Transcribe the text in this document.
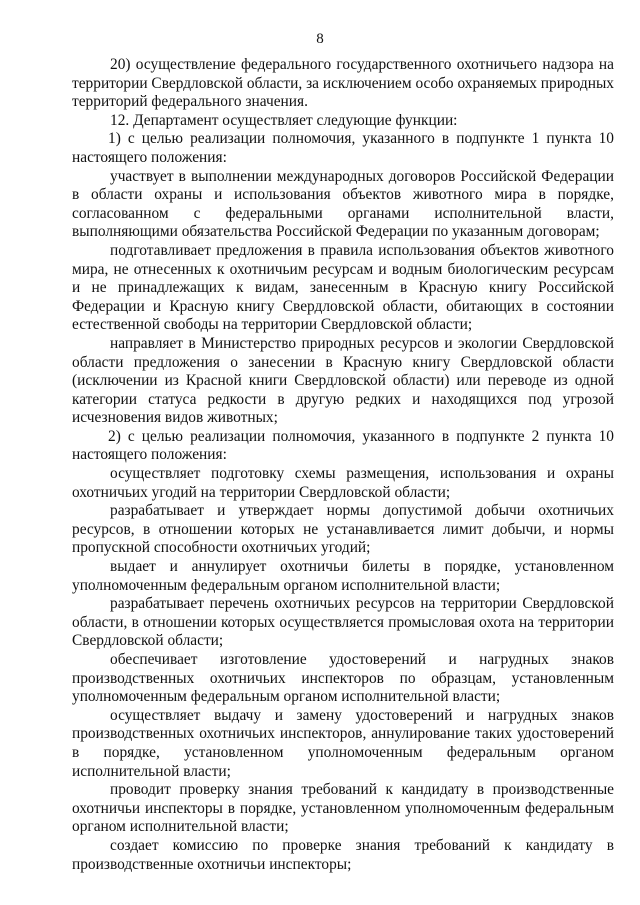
8

20) осуществление федерального государственного охотничьего надзора на территории Свердловской области, за исключением особо охраняемых природных территорий федерального значения.

12. Департамент осуществляет следующие функции:

1) с целью реализации полномочия, указанного в подпункте 1 пункта 10 настоящего положения:

участвует в выполнении международных договоров Российской Федерации в области охраны и использования объектов животного мира в порядке, согласованном с федеральными органами исполнительной власти, выполняющими обязательства Российской Федерации по указанным договорам;

подготавливает предложения в правила использования объектов животного мира, не отнесенных к охотничьим ресурсам и водным биологическим ресурсам и не принадлежащих к видам, занесенным в Красную книгу Российской Федерации и Красную книгу Свердловской области, обитающих в состоянии естественной свободы на территории Свердловской области;

направляет в Министерство природных ресурсов и экологии Свердловской области предложения о занесении в Красную книгу Свердловской области (исключении из Красной книги Свердловской области) или переводе из одной категории статуса редкости в другую редких и находящихся под угрозой исчезновения видов животных;

2) с целью реализации полномочия, указанного в подпункте 2 пункта 10 настоящего положения:

осуществляет подготовку схемы размещения, использования и охраны охотничьих угодий на территории Свердловской области;

разрабатывает и утверждает нормы допустимой добычи охотничьих ресурсов, в отношении которых не устанавливается лимит добычи, и нормы пропускной способности охотничьих угодий;

выдает и аннулирует охотничьи билеты в порядке, установленном уполномоченным федеральным органом исполнительной власти;

разрабатывает перечень охотничьих ресурсов на территории Свердловской области, в отношении которых осуществляется промысловая охота на территории Свердловской области;

обеспечивает изготовление удостоверений и нагрудных знаков производственных охотничьих инспекторов по образцам, установленным уполномоченным федеральным органом исполнительной власти;

осуществляет выдачу и замену удостоверений и нагрудных знаков производственных охотничьих инспекторов, аннулирование таких удостоверений в порядке, установленном уполномоченным федеральным органом исполнительной власти;

проводит проверку знания требований к кандидату в производственные охотничьи инспекторы в порядке, установленном уполномоченным федеральным органом исполнительной власти;

создает комиссию по проверке знания требований к кандидату в производственные охотничьи инспекторы;
